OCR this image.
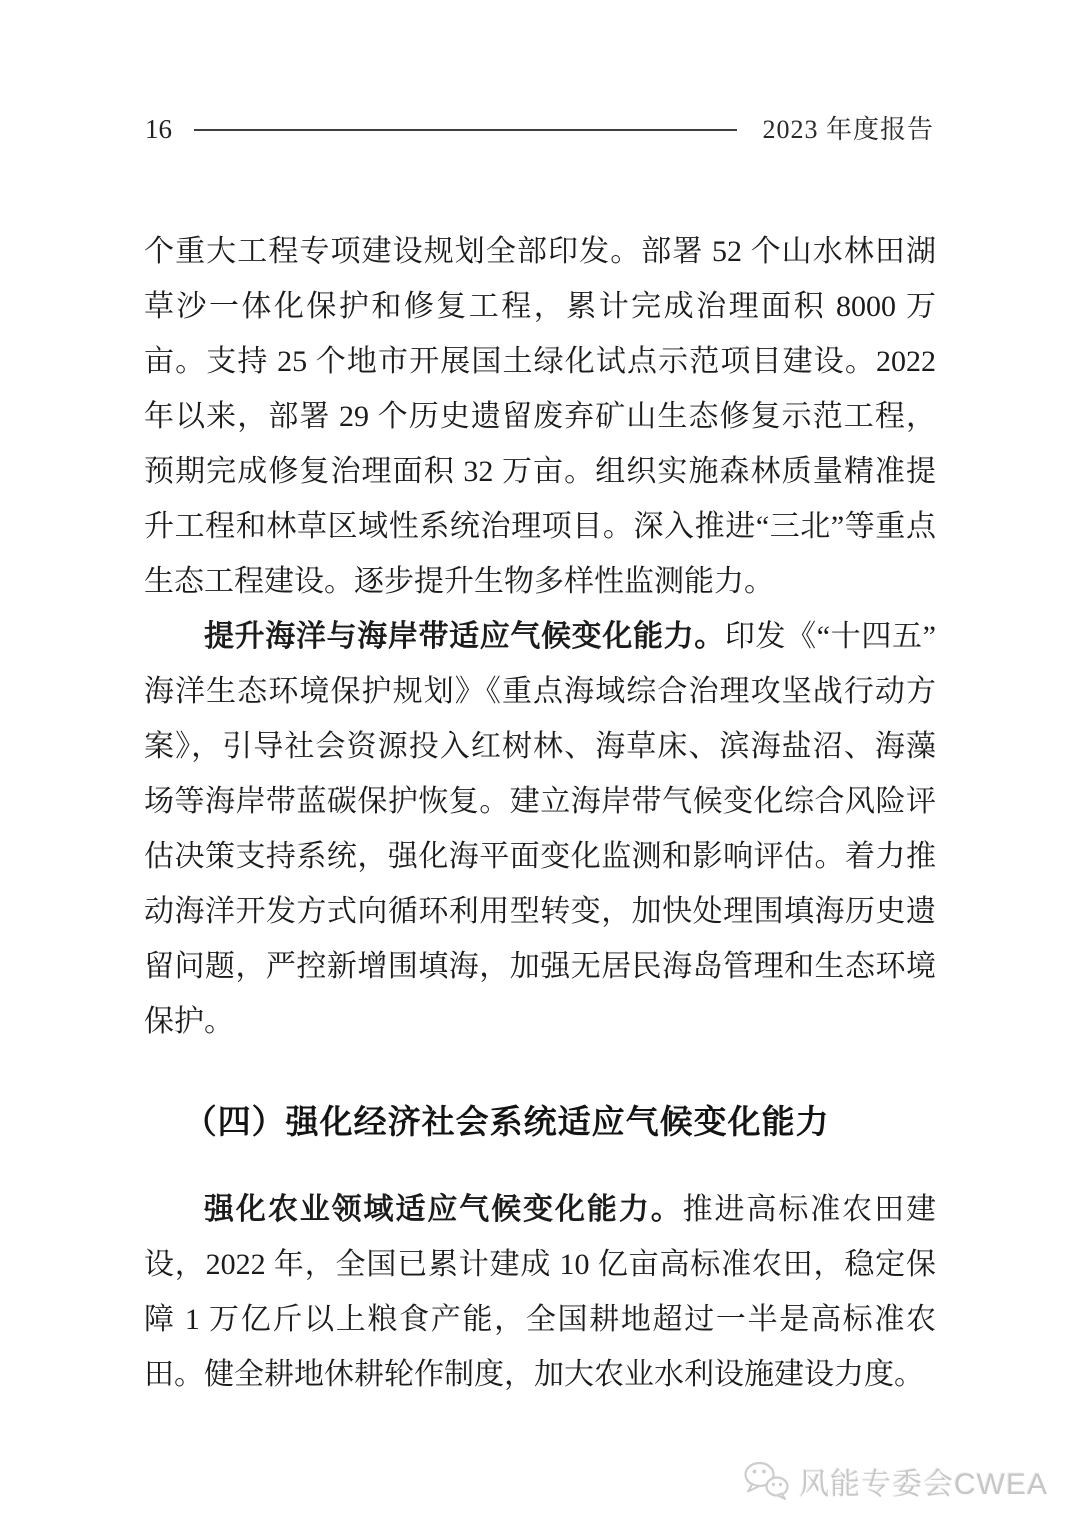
16	2023 年度报告

个重大工程专项建设规划全部印发。部署 52 个山水林田湖草沙一体化保护和修复工程，累计完成治理面积 8000 万亩。支持 25 个地市开展国土绿化试点示范项目建设。2022 年以来，部署 29 个历史遗留废弃矿山生态修复示范工程，预期完成修复治理面积 32 万亩。组织实施森林质量精准提升工程和林草区域性系统治理项目。深入推进“三北”等重点生态工程建设。逐步提升生物多样性监测能力。

提升海洋与海岸带适应气候变化能力。印发《“十四五”海洋生态环境保护规划》《重点海域综合治理攻坚战行动方案》，引导社会资源投入红树林、海草床、滨海盐沼、海藻场等海岸带蓝碳保护恢复。建立海岸带气候变化综合风险评估决策支持系统，强化海平面变化监测和影响评估。着力推动海洋开发方式向循环利用型转变，加快处理围填海历史遗留问题，严控新增围填海，加强无居民海岛管理和生态环境保护。

（四）强化经济社会系统适应气候变化能力

强化农业领域适应气候变化能力。推进高标准农田建设，2022 年，全国已累计建成 10 亿亩高标准农田，稳定保障 1 万亿斤以上粮食产能，全国耕地超过一半是高标准农田。健全耕地休耕轮作制度，加大农业水利设施建设力度。

风能专委会CWEA
